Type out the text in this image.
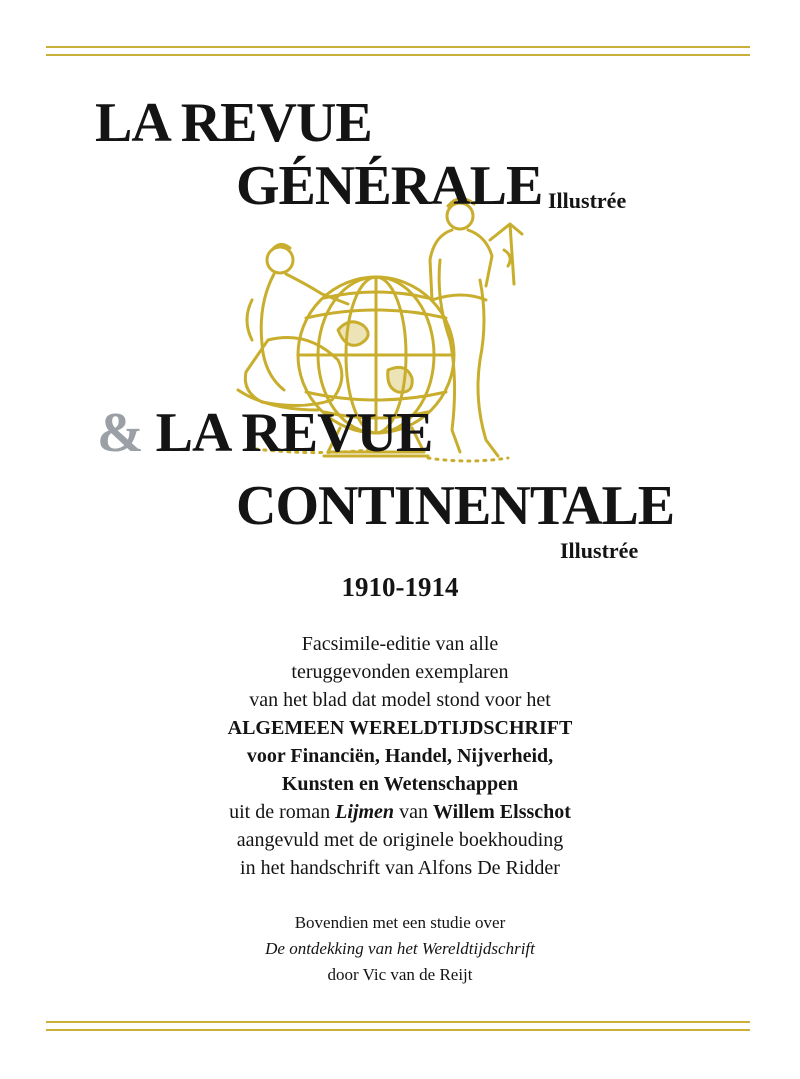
LA REVUE
GÉNÉRALE Illustrée
& LA REVUE
CONTINENTALE
Illustrée
1910-1914
Facsimile-editie van alle
teruggevonden exemplaren
van het blad dat model stond voor het
ALGEMEEN WERELDTIJDSCHRIFT
voor Financiën, Handel, Nijverheid,
Kunsten en Wetenschappen
uit de roman Lijmen van Willem Elsschot
aangevuld met de originele boekhouding
in het handschrift van Alfons De Ridder
Bovendien met een studie over
De ontdekking van het Wereldtijdschrift
door Vic van de Reijt
